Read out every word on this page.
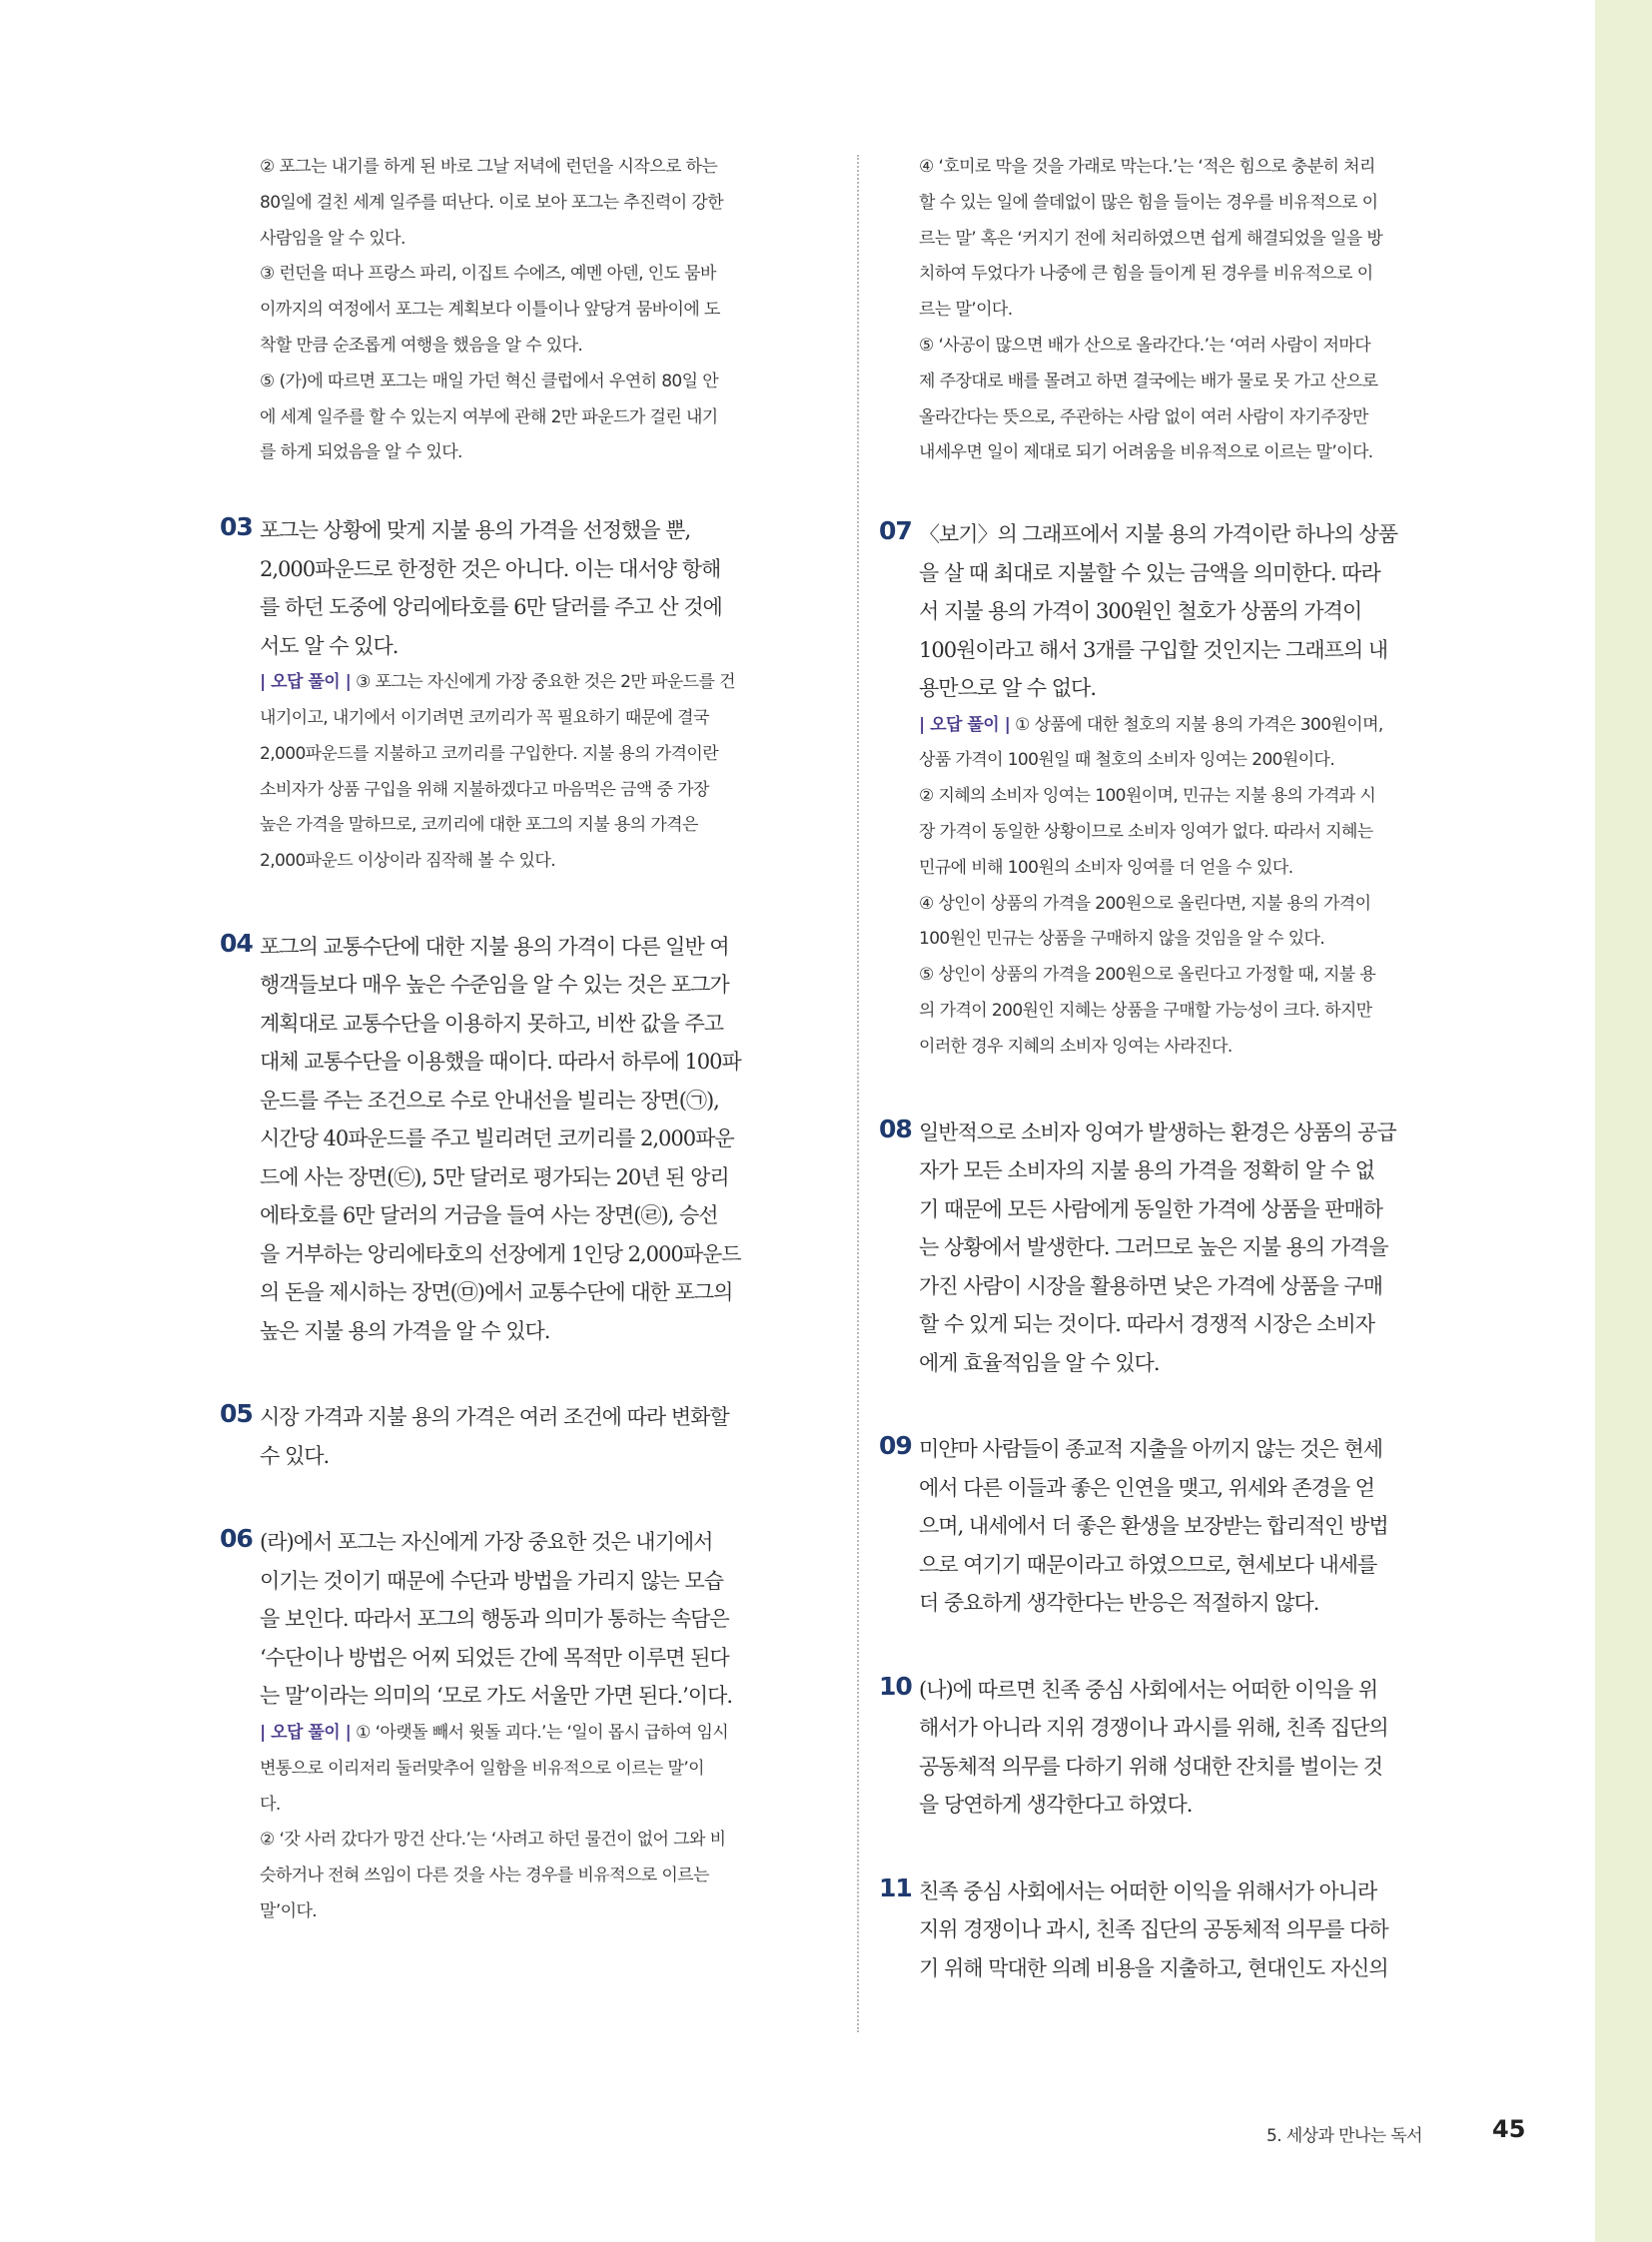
② 포그는 내기를 하게 된 바로 그날 저녁에 런던을 시작으로 하는
80일에 걸친 세계 일주를 떠난다. 이로 보아 포그는 추진력이 강한
사람임을 알 수 있다.
③ 런던을 떠나 프랑스 파리, 이집트 수에즈, 예멘 아덴, 인도 뭄바
이까지의 여정에서 포그는 계획보다 이틀이나 앞당겨 뭄바이에 도
착할 만큼 순조롭게 여행을 했음을 알 수 있다.
⑤ (가)에 따르면 포그는 매일 가던 혁신 클럽에서 우연히 80일 안
에 세계 일주를 할 수 있는지 여부에 관해 2만 파운드가 걸린 내기
를 하게 되었음을 알 수 있다.

03 포그는 상황에 맞게 지불 용의 가격을 선정했을 뿐,
2,000파운드로 한정한 것은 아니다. 이는 대서양 항해
를 하던 도중에 앙리에타호를 6만 달러를 주고 산 것에
서도 알 수 있다.

| 오답 풀이 | ③ 포그는 자신에게 가장 중요한 것은 2만 파운드를 건
내기이고, 내기에서 이기려면 코끼리가 꼭 필요하기 때문에 결국
2,000파운드를 지불하고 코끼리를 구입한다. 지불 용의 가격이란
소비자가 상품 구입을 위해 지불하겠다고 마음먹은 금액 중 가장
높은 가격을 말하므로, 코끼리에 대한 포그의 지불 용의 가격은
2,000파운드 이상이라 짐작해 볼 수 있다.

04 포그의 교통수단에 대한 지불 용의 가격이 다른 일반 여
행객들보다 매우 높은 수준임을 알 수 있는 것은 포그가
계획대로 교통수단을 이용하지 못하고, 비싼 값을 주고
대체 교통수단을 이용했을 때이다. 따라서 하루에 100파
운드를 주는 조건으로 수로 안내선을 빌리는 장면(㉠),
시간당 40파운드를 주고 빌리려던 코끼리를 2,000파운
드에 사는 장면(㉢), 5만 달러로 평가되는 20년 된 앙리
에타호를 6만 달러의 거금을 들여 사는 장면(㉣), 승선
을 거부하는 앙리에타호의 선장에게 1인당 2,000파운드
의 돈을 제시하는 장면(㉤)에서 교통수단에 대한 포그의
높은 지불 용의 가격을 알 수 있다.

05 시장 가격과 지불 용의 가격은 여러 조건에 따라 변화할
수 있다.

06 (라)에서 포그는 자신에게 가장 중요한 것은 내기에서
이기는 것이기 때문에 수단과 방법을 가리지 않는 모습
을 보인다. 따라서 포그의 행동과 의미가 통하는 속담은
‘수단이나 방법은 어찌 되었든 간에 목적만 이루면 된다
는 말’이라는 의미의 ‘모로 가도 서울만 가면 된다.’이다.

| 오답 풀이 | ① ‘아랫돌 빼서 윗돌 괴다.’는 ‘일이 몹시 급하여 임시
변통으로 이리저리 둘러맞추어 일함을 비유적으로 이르는 말’이
다.
② ‘갓 사러 갔다가 망건 산다.’는 ‘사려고 하던 물건이 없어 그와 비
슷하거나 전혀 쓰임이 다른 것을 사는 경우를 비유적으로 이르는
말’이다.

④ ‘호미로 막을 것을 가래로 막는다.’는 ‘적은 힘으로 충분히 처리
할 수 있는 일에 쓸데없이 많은 힘을 들이는 경우를 비유적으로 이
르는 말’ 혹은 ‘커지기 전에 처리하였으면 쉽게 해결되었을 일을 방
치하여 두었다가 나중에 큰 힘을 들이게 된 경우를 비유적으로 이
르는 말’이다.
⑤ ‘사공이 많으면 배가 산으로 올라간다.’는 ‘여러 사람이 저마다
제 주장대로 배를 몰려고 하면 결국에는 배가 물로 못 가고 산으로
올라간다는 뜻으로, 주관하는 사람 없이 여러 사람이 자기주장만
내세우면 일이 제대로 되기 어려움을 비유적으로 이르는 말’이다.

07 〈보기〉의 그래프에서 지불 용의 가격이란 하나의 상품
을 살 때 최대로 지불할 수 있는 금액을 의미한다. 따라
서 지불 용의 가격이 300원인 철호가 상품의 가격이
100원이라고 해서 3개를 구입할 것인지는 그래프의 내
용만으로 알 수 없다.

| 오답 풀이 | ① 상품에 대한 철호의 지불 용의 가격은 300원이며,
상품 가격이 100원일 때 철호의 소비자 잉여는 200원이다.
② 지혜의 소비자 잉여는 100원이며, 민규는 지불 용의 가격과 시
장 가격이 동일한 상황이므로 소비자 잉여가 없다. 따라서 지혜는
민규에 비해 100원의 소비자 잉여를 더 얻을 수 있다.
④ 상인이 상품의 가격을 200원으로 올린다면, 지불 용의 가격이
100원인 민규는 상품을 구매하지 않을 것임을 알 수 있다.
⑤ 상인이 상품의 가격을 200원으로 올린다고 가정할 때, 지불 용
의 가격이 200원인 지혜는 상품을 구매할 가능성이 크다. 하지만
이러한 경우 지혜의 소비자 잉여는 사라진다.

08 일반적으로 소비자 잉여가 발생하는 환경은 상품의 공급
자가 모든 소비자의 지불 용의 가격을 정확히 알 수 없
기 때문에 모든 사람에게 동일한 가격에 상품을 판매하
는 상황에서 발생한다. 그러므로 높은 지불 용의 가격을
가진 사람이 시장을 활용하면 낮은 가격에 상품을 구매
할 수 있게 되는 것이다. 따라서 경쟁적 시장은 소비자
에게 효율적임을 알 수 있다.

09 미얀마 사람들이 종교적 지출을 아끼지 않는 것은 현세
에서 다른 이들과 좋은 인연을 맺고, 위세와 존경을 얻
으며, 내세에서 더 좋은 환생을 보장받는 합리적인 방법
으로 여기기 때문이라고 하였으므로, 현세보다 내세를
더 중요하게 생각한다는 반응은 적절하지 않다.

10 (나)에 따르면 친족 중심 사회에서는 어떠한 이익을 위
해서가 아니라 지위 경쟁이나 과시를 위해, 친족 집단의
공동체적 의무를 다하기 위해 성대한 잔치를 벌이는 것
을 당연하게 생각한다고 하였다.

11 친족 중심 사회에서는 어떠한 이익을 위해서가 아니라
지위 경쟁이나 과시, 친족 집단의 공동체적 의무를 다하
기 위해 막대한 의례 비용을 지출하고, 현대인도 자신의

5. 세상과 만나는 독서	45
